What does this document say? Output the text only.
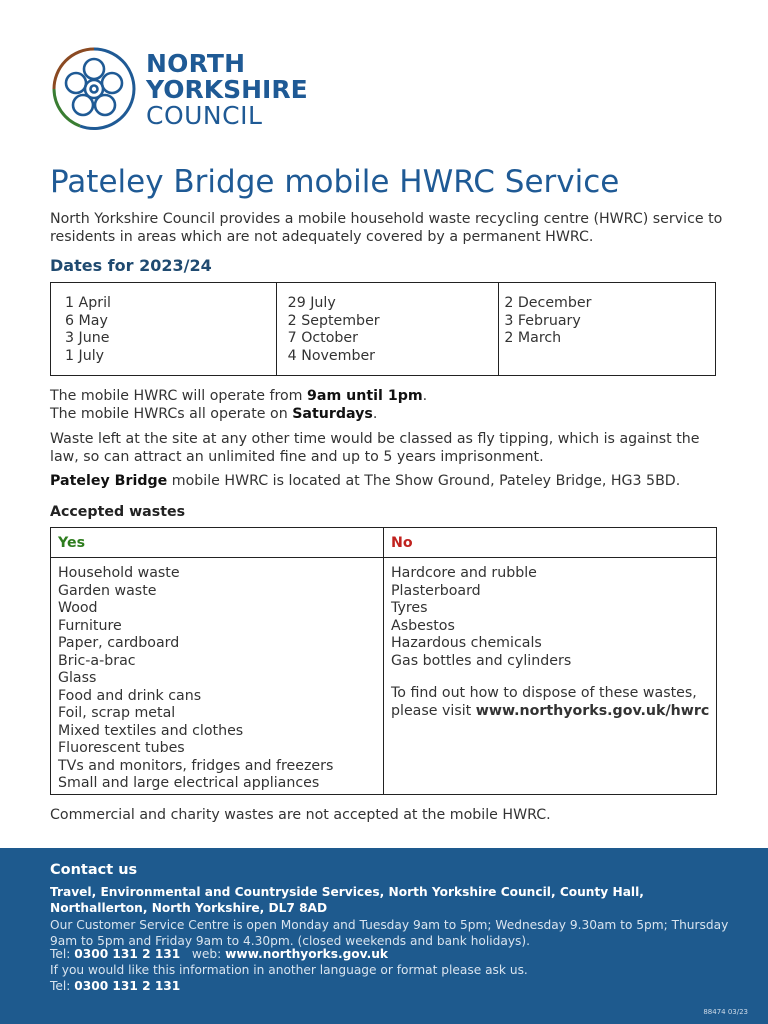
NORTH
YORKSHIRE
COUNCIL
Pateley Bridge mobile HWRC Service

North Yorkshire Council provides a mobile household waste recycling centre (HWRC) service to residents in areas which are not adequately covered by a permanent HWRC.

Dates for 2023/24
1 April
6 May
3 June
1 July
29 July
2 September
7 October
4 November
2 December
3 February
2 March

The mobile HWRC will operate from 9am until 1pm.
The mobile HWRCs all operate on Saturdays.

Waste left at the site at any other time would be classed as fly tipping, which is against the law, so can attract an unlimited fine and up to 5 years imprisonment.

Pateley Bridge mobile HWRC is located at The Show Ground, Pateley Bridge, HG3 5BD.

Accepted wastes
Yes	No
Household waste
Garden waste
Wood
Furniture
Paper, cardboard
Bric-a-brac
Glass
Food and drink cans
Foil, scrap metal
Mixed textiles and clothes
Fluorescent tubes
TVs and monitors, fridges and freezers
Small and large electrical appliances
Hardcore and rubble
Plasterboard
Tyres
Asbestos
Hazardous chemicals
Gas bottles and cylinders
To find out how to dispose of these wastes, please visit www.northyorks.gov.uk/hwrc

Commercial and charity wastes are not accepted at the mobile HWRC.

Contact us
Travel, Environmental and Countryside Services, North Yorkshire Council, County Hall, Northallerton, North Yorkshire, DL7 8AD
Our Customer Service Centre is open Monday and Tuesday 9am to 5pm; Wednesday 9.30am to 5pm; Thursday 9am to 5pm and Friday 9am to 4.30pm. (closed weekends and bank holidays).
Tel: 0300 131 2 131   web: www.northyorks.gov.uk
If you would like this information in another language or format please ask us.
Tel: 0300 131 2 131
88474 03/23
